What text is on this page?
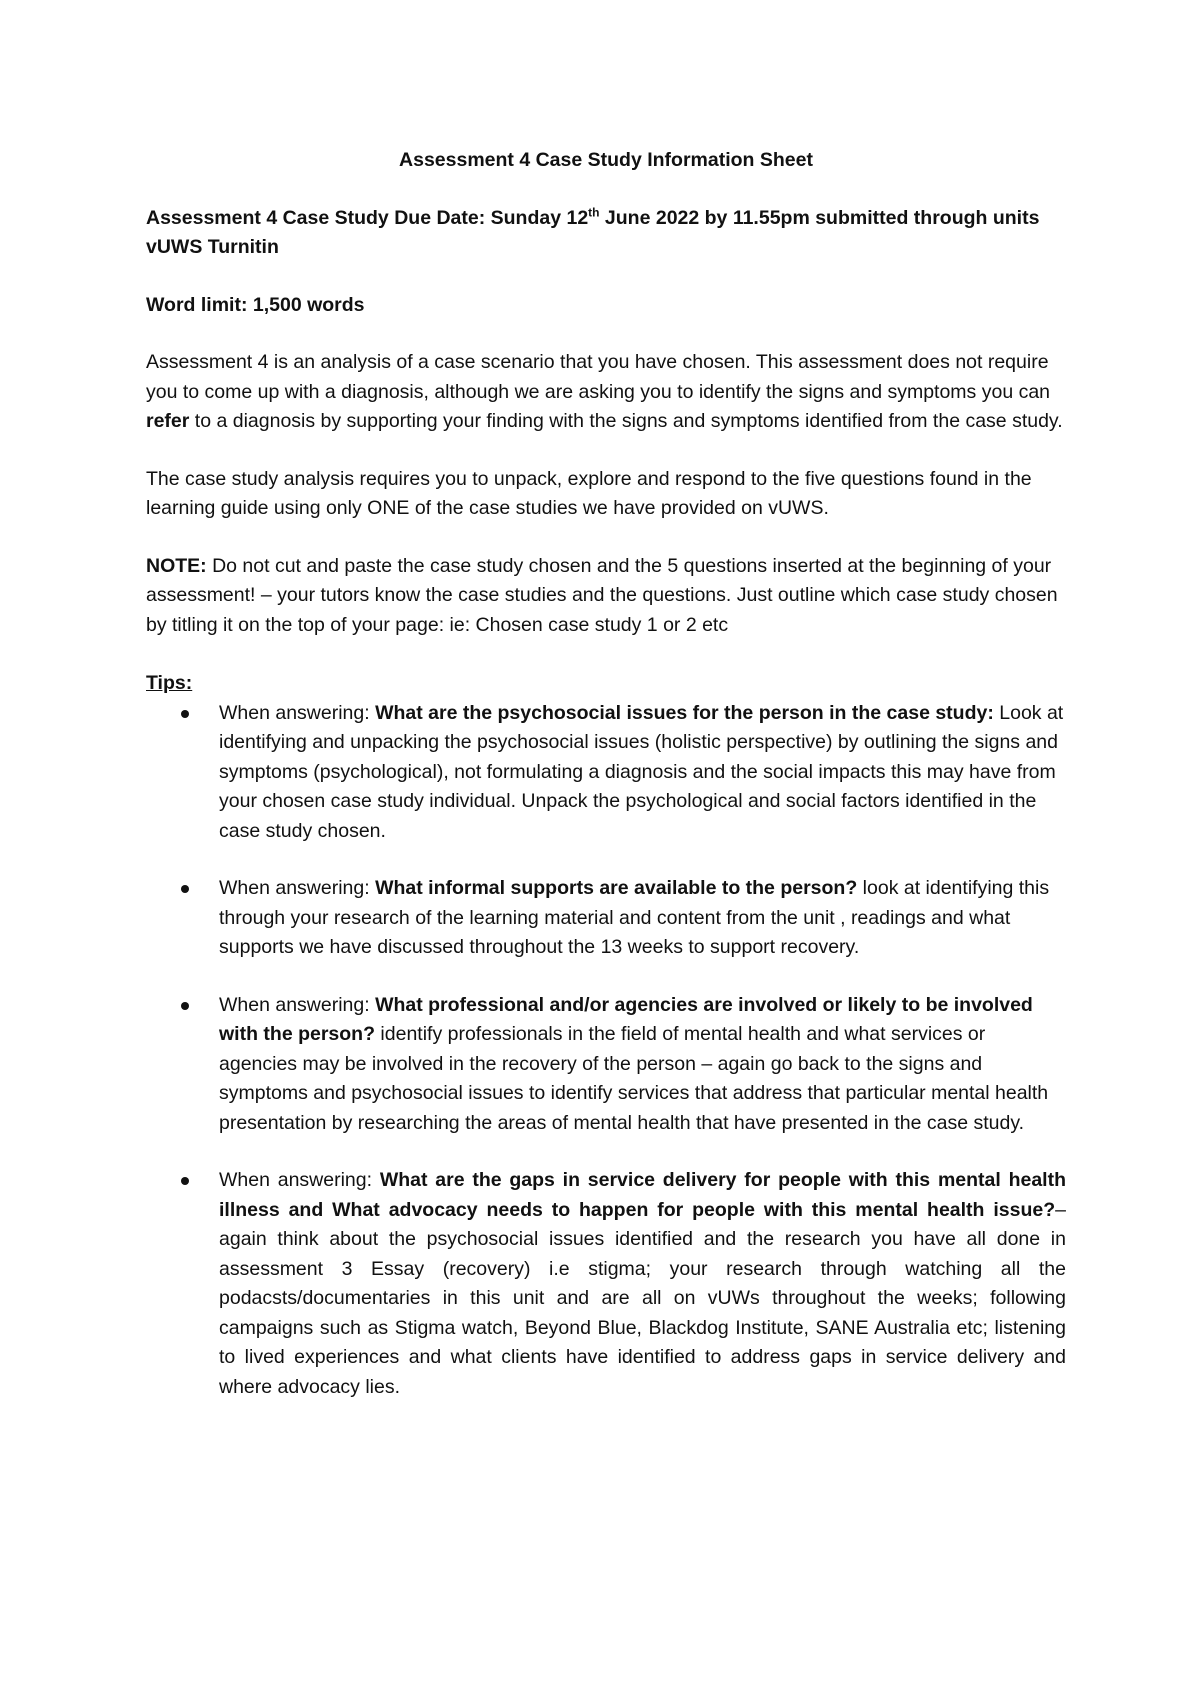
Assessment 4 Case Study Information Sheet
Assessment 4 Case Study Due Date: Sunday 12th June 2022 by 11.55pm submitted through units vUWS Turnitin
Word limit: 1,500 words

Assessment 4 is an analysis of a case scenario that you have chosen. This assessment does not require you to come up with a diagnosis, although we are asking you to identify the signs and symptoms you can refer to a diagnosis by supporting your finding with the signs and symptoms identified from the case study.

The case study analysis requires you to unpack, explore and respond to the five questions found in the learning guide using only ONE of the case studies we have provided on vUWS.

NOTE: Do not cut and paste the case study chosen and the 5 questions inserted at the beginning of your assessment! – your tutors know the case studies and the questions. Just outline which case study chosen by titling it on the top of your page: ie: Chosen case study 1 or 2 etc

Tips:
When answering: What are the psychosocial issues for the person in the case study: Look at identifying and unpacking the psychosocial issues (holistic perspective) by outlining the signs and symptoms (psychological), not formulating a diagnosis and the social impacts this may have from your chosen case study individual. Unpack the psychological and social factors identified in the case study chosen.
When answering: What informal supports are available to the person? look at identifying this through your research of the learning material and content from the unit , readings and what supports we have discussed throughout the 13 weeks to support recovery.
When answering: What professional and/or agencies are involved or likely to be involved with the person? identify professionals in the field of mental health and what services or agencies may be involved in the recovery of the person – again go back to the signs and symptoms and psychosocial issues to identify services that address that particular mental health presentation by researching the areas of mental health that have presented in the case study.
When answering: What are the gaps in service delivery for people with this mental health illness and What advocacy needs to happen for people with this mental health issue?– again think about the psychosocial issues identified and the research you have all done in assessment 3 Essay (recovery) i.e stigma; your research through watching all the podacsts/documentaries in this unit and are all on vUWs throughout the weeks; following campaigns such as Stigma watch, Beyond Blue, Blackdog Institute, SANE Australia etc; listening to lived experiences and what clients have identified to address gaps in service delivery and where advocacy lies.
